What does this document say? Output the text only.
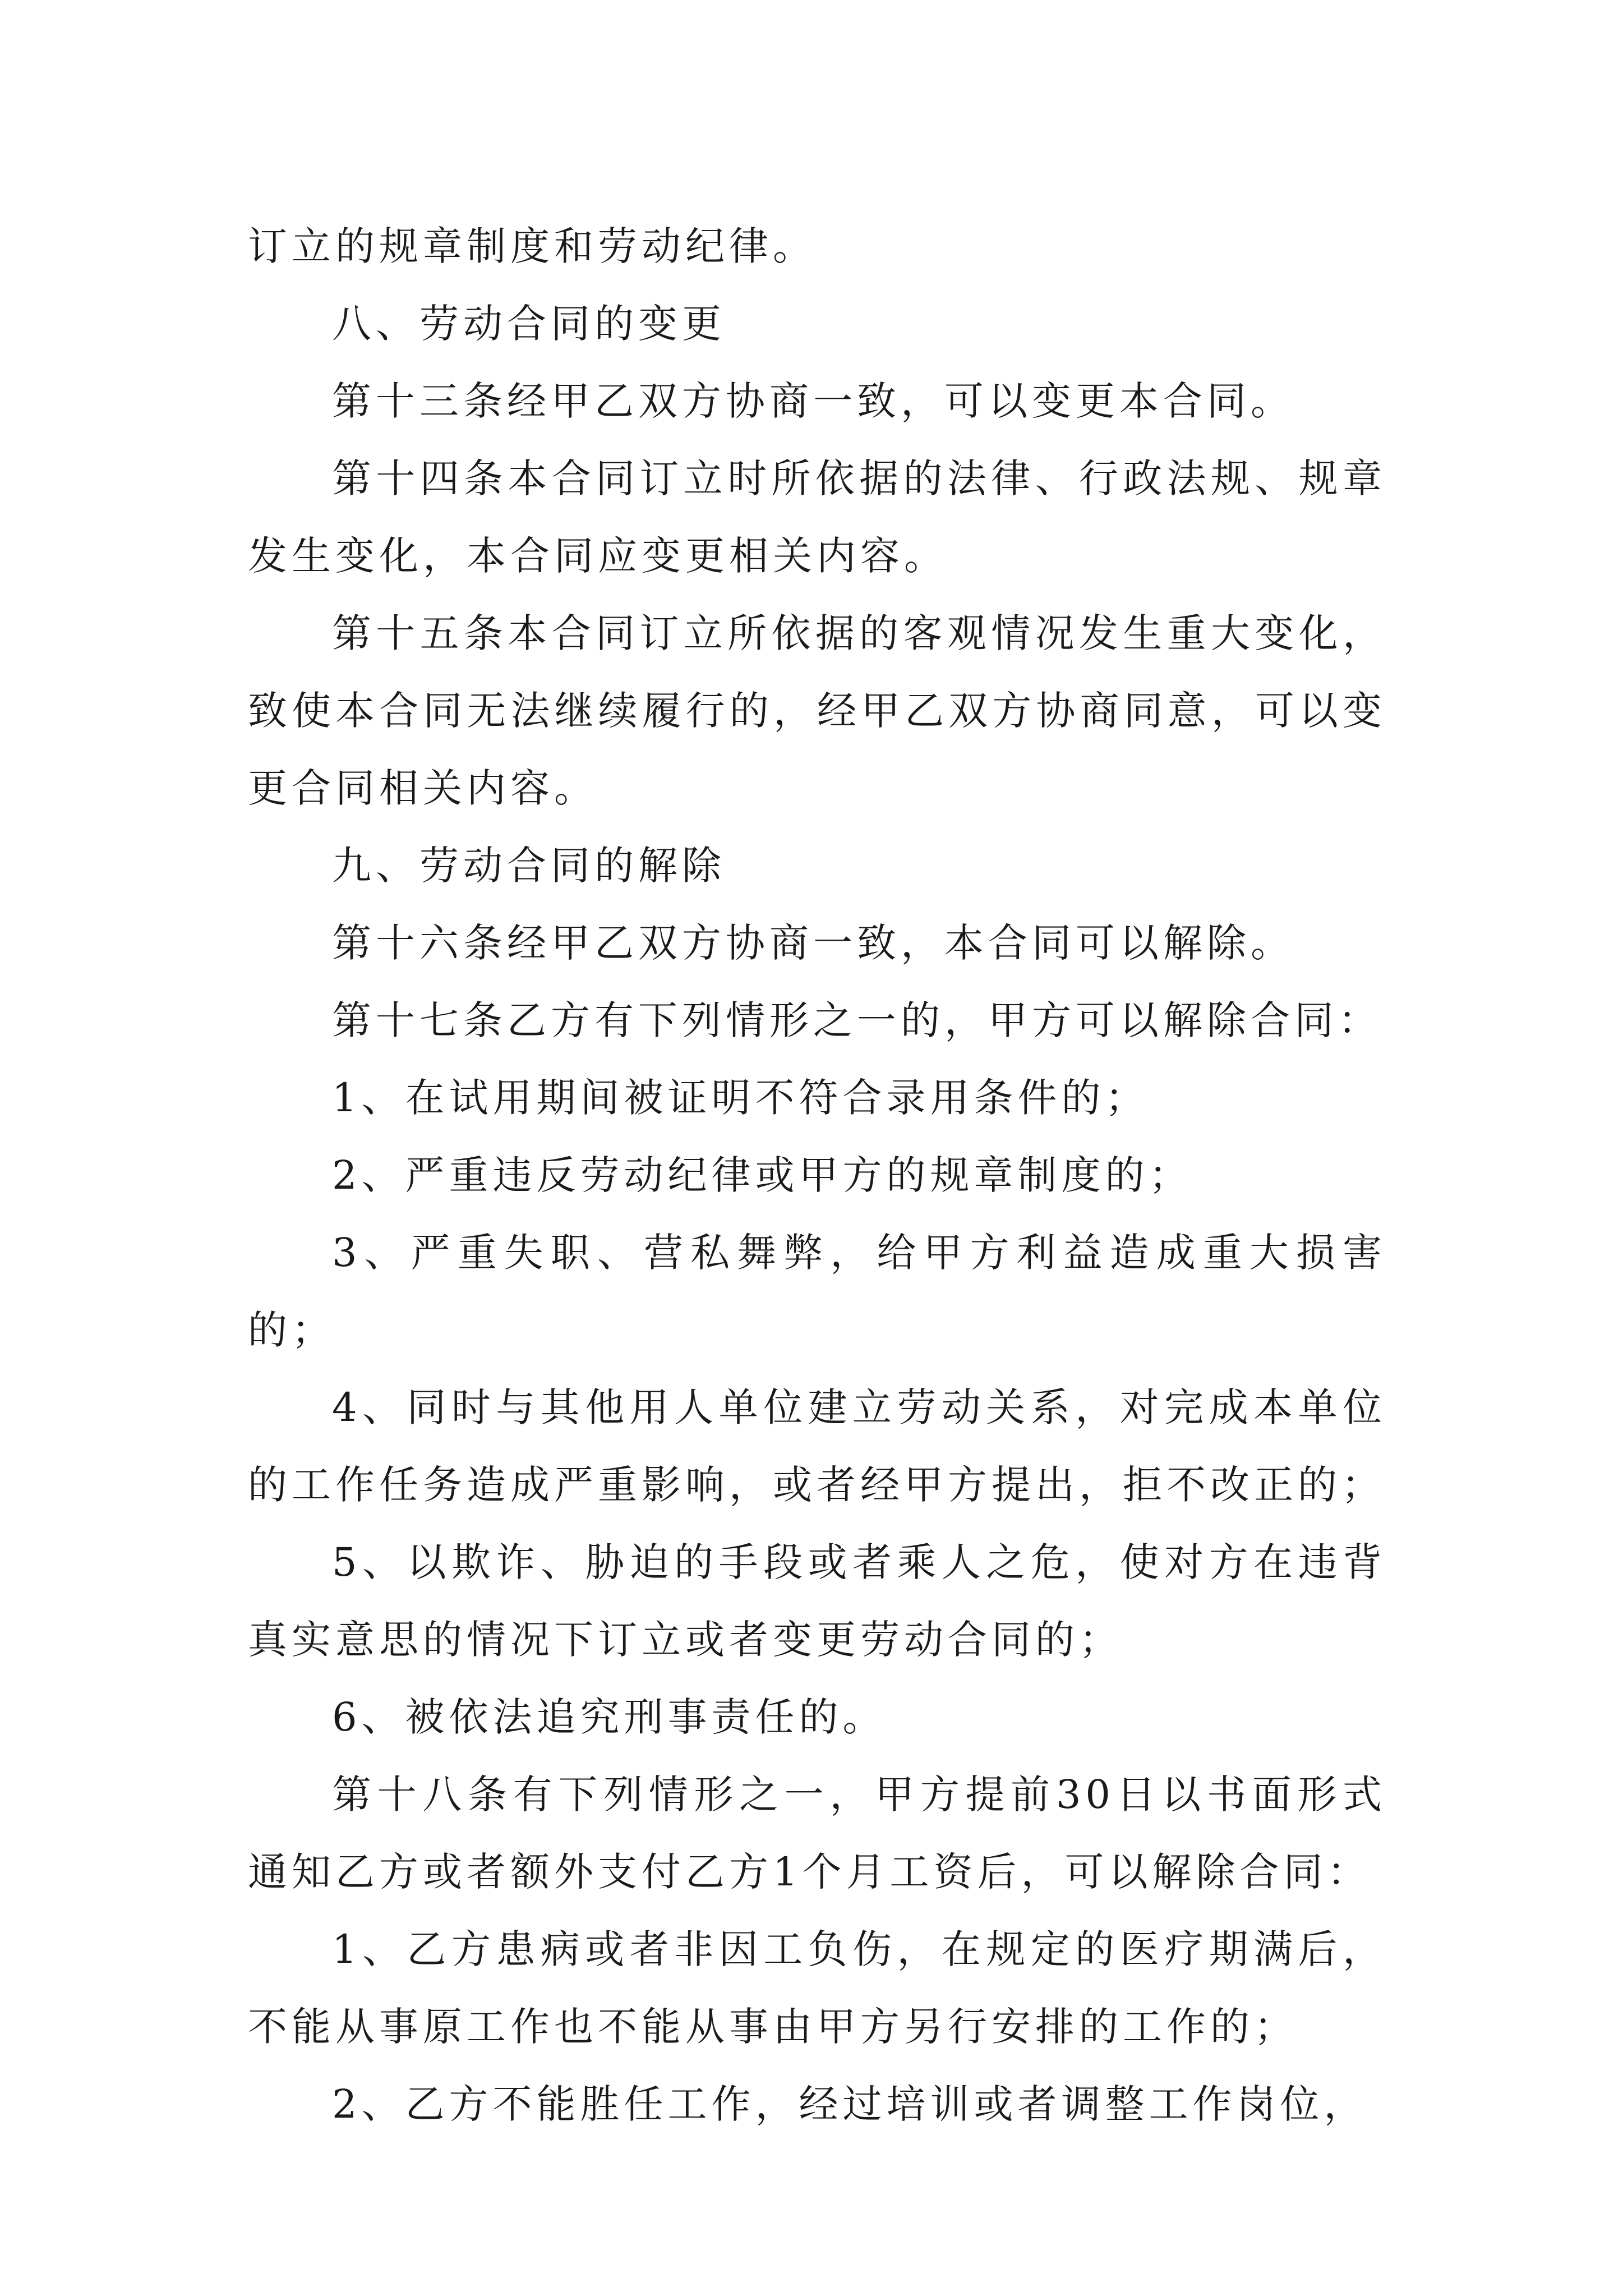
订立的规章制度和劳动纪律。

八、劳动合同的变更

第十三条经甲乙双方协商一致，可以变更本合同。

第十四条本合同订立时所依据的法律、行政法规、规章发生变化，本合同应变更相关内容。

第十五条本合同订立所依据的客观情况发生重大变化，致使本合同无法继续履行的，经甲乙双方协商同意，可以变更合同相关内容。

九、劳动合同的解除

第十六条经甲乙双方协商一致，本合同可以解除。

第十七条乙方有下列情形之一的，甲方可以解除合同：

1、在试用期间被证明不符合录用条件的；

2、严重违反劳动纪律或甲方的规章制度的；

3、严重失职、营私舞弊，给甲方利益造成重大损害的；

4、同时与其他用人单位建立劳动关系，对完成本单位的工作任务造成严重影响，或者经甲方提出，拒不改正的；

5、以欺诈、胁迫的手段或者乘人之危，使对方在违背真实意思的情况下订立或者变更劳动合同的；

6、被依法追究刑事责任的。

第十八条有下列情形之一，甲方提前30日以书面形式通知乙方或者额外支付乙方1个月工资后，可以解除合同：

1、乙方患病或者非因工负伤，在规定的医疗期满后，不能从事原工作也不能从事由甲方另行安排的工作的；

2、乙方不能胜任工作，经过培训或者调整工作岗位，
